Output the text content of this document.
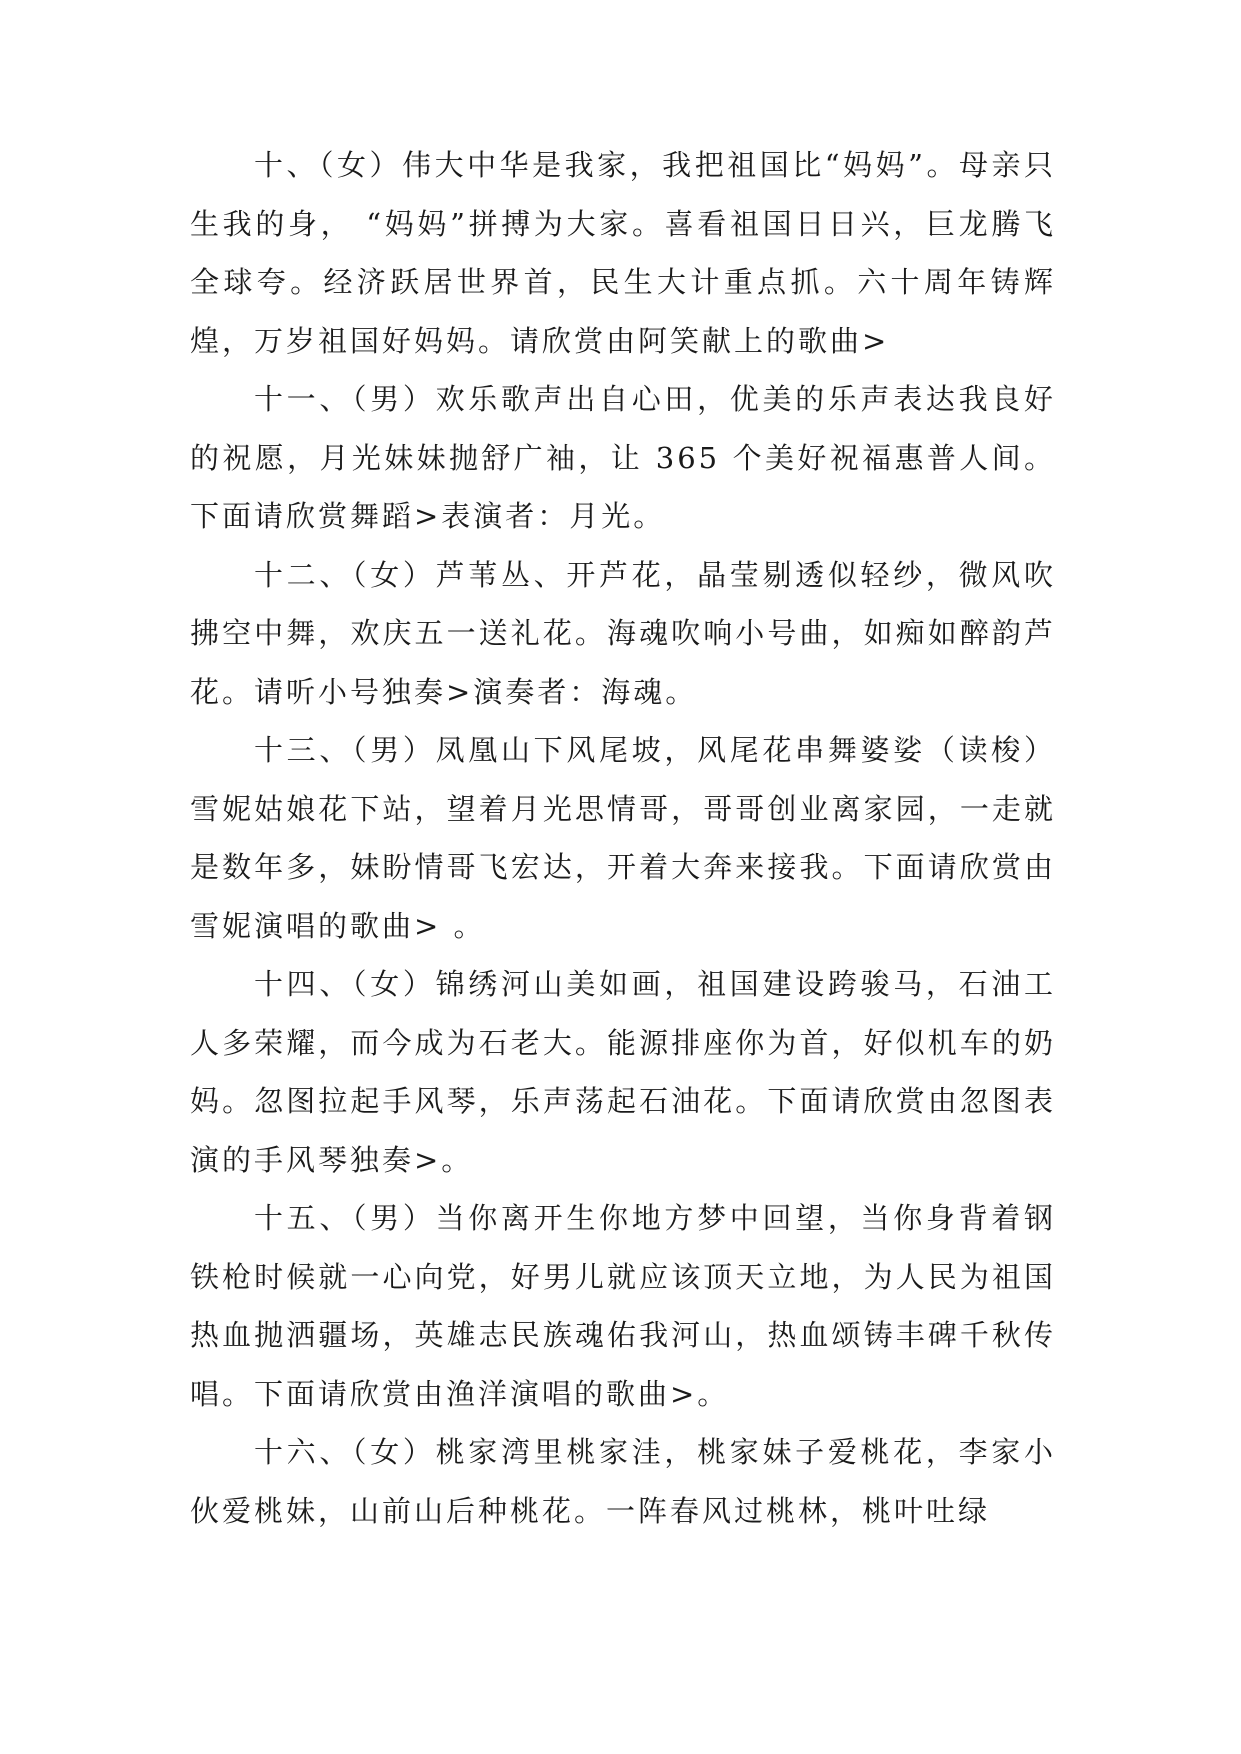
十、（女）伟大中华是我家，我把祖国比“妈妈”。母亲只生我的身， “妈妈”拼搏为大家。喜看祖国日日兴，巨龙腾飞全球夸。经济跃居世界首，民生大计重点抓。六十周年铸辉煌，万岁祖国好妈妈。请欣赏由阿笑献上的歌曲>

十一、（男）欢乐歌声出自心田，优美的乐声表达我良好的祝愿，月光妹妹抛舒广袖，让 365 个美好祝福惠普人间。下面请欣赏舞蹈>表演者：月光。

十二、（女）芦苇丛、开芦花，晶莹剔透似轻纱，微风吹拂空中舞，欢庆五一送礼花。海魂吹响小号曲，如痴如醉韵芦花。请听小号独奏>演奏者：海魂。

十三、（男）凤凰山下风尾坡，风尾花串舞婆娑（读梭）雪妮姑娘花下站，望着月光思情哥，哥哥创业离家园，一走就是数年多，妹盼情哥飞宏达，开着大奔来接我。下面请欣赏由雪妮演唱的歌曲> 。

十四、（女）锦绣河山美如画，祖国建设跨骏马，石油工人多荣耀，而今成为石老大。能源排座你为首，好似机车的奶妈。忽图拉起手风琴，乐声荡起石油花。下面请欣赏由忽图表演的手风琴独奏>。

十五、（男）当你离开生你地方梦中回望，当你身背着钢铁枪时候就一心向党，好男儿就应该顶天立地，为人民为祖国热血抛洒疆场，英雄志民族魂佑我河山，热血颂铸丰碑千秋传唱。下面请欣赏由渔洋演唱的歌曲>。

十六、（女）桃家湾里桃家洼，桃家妹子爱桃花，李家小伙爱桃妹，山前山后种桃花。一阵春风过桃林，桃叶吐绿
